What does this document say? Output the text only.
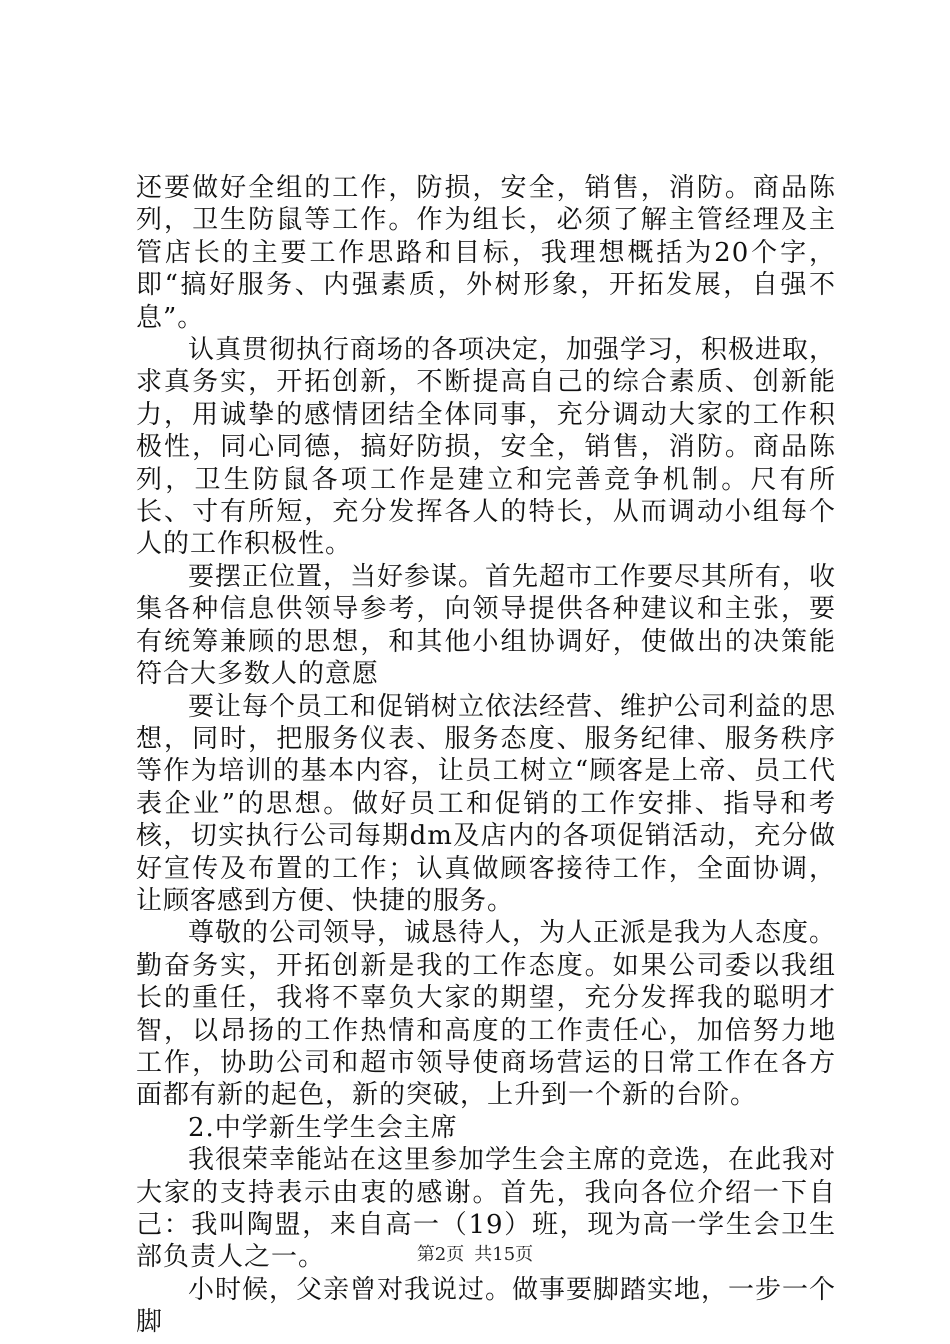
还要做好全组的工作，防损，安全，销售，消防。商品陈列，卫生防鼠等工作。作为组长，必须了解主管经理及主管店长的主要工作思路和目标，我理想概括为20个字，即“搞好服务、内强素质，外树形象，开拓发展，自强不息”。

认真贯彻执行商场的各项决定，加强学习，积极进取，求真务实，开拓创新，不断提高自己的综合素质、创新能力，用诚挚的感情团结全体同事，充分调动大家的工作积极性，同心同德，搞好防损，安全，销售，消防。商品陈列，卫生防鼠各项工作是建立和完善竞争机制。尺有所长、寸有所短，充分发挥各人的特长，从而调动小组每个人的工作积极性。

要摆正位置，当好参谋。首先超市工作要尽其所有，收集各种信息供领导参考，向领导提供各种建议和主张，要有统筹兼顾的思想，和其他小组协调好，使做出的决策能符合大多数人的意愿

要让每个员工和促销树立依法经营、维护公司利益的思想，同时，把服务仪表、服务态度、服务纪律、服务秩序等作为培训的基本内容，让员工树立“顾客是上帝、员工代表企业”的思想。做好员工和促销的工作安排、指导和考核，切实执行公司每期dm及店内的各项促销活动，充分做好宣传及布置的工作；认真做顾客接待工作，全面协调，让顾客感到方便、快捷的服务。

尊敬的公司领导，诚恳待人，为人正派是我为人态度。勤奋务实，开拓创新是我的工作态度。如果公司委以我组长的重任，我将不辜负大家的期望，充分发挥我的聪明才智，以昂扬的工作热情和高度的工作责任心，加倍努力地工作，协助公司和超市领导使商场营运的日常工作在各方面都有新的起色，新的突破，上升到一个新的台阶。

2.中学新生学生会主席

我很荣幸能站在这里参加学生会主席的竞选，在此我对大家的支持表示由衷的感谢。首先，我向各位介绍一下自己：我叫陶盟，来自高一（19）班，现为高一学生会卫生部负责人之一。

小时候，父亲曾对我说过。做事要脚踏实地，一步一个脚

第2页 共15页
